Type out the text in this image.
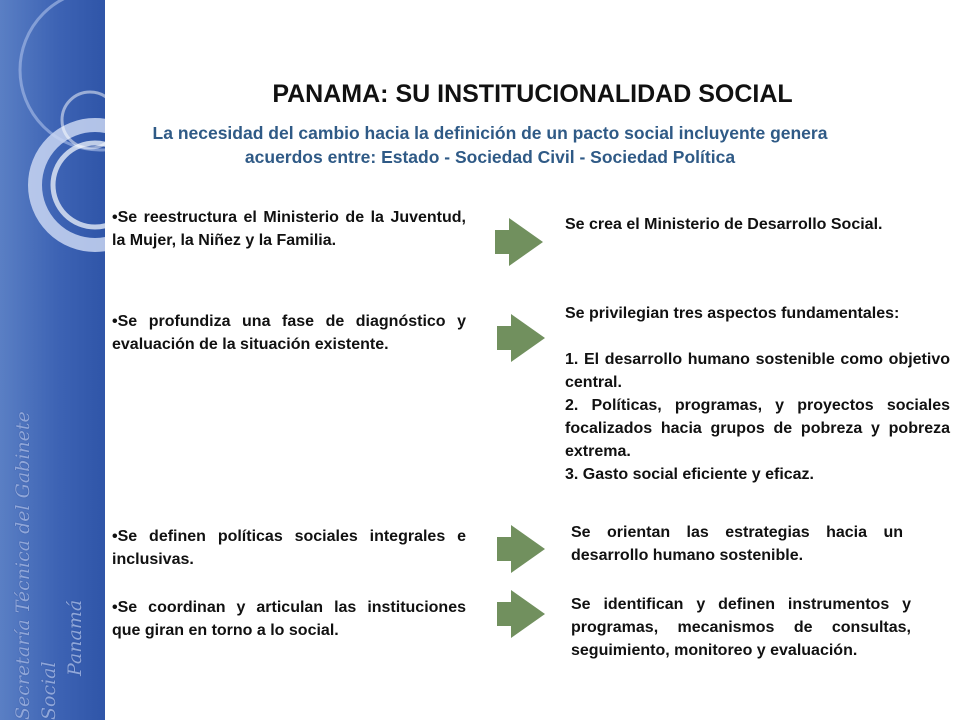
Secretaría Técnica del Gabinete Social
Panamá
PANAMA: SU INSTITUCIONALIDAD SOCIAL

La necesidad del cambio hacia la definición de un pacto social incluyente genera acuerdos entre: Estado - Sociedad Civil - Sociedad Política

•Se reestructura el Ministerio de la Juventud, la Mujer, la Niñez y la Familia.

Se crea el Ministerio de Desarrollo Social.

•Se profundiza una fase de diagnóstico y evaluación de la situación existente.

Se privilegian tres aspectos fundamentales:

1. El desarrollo humano sostenible como objetivo central.

2. Políticas, programas, y proyectos sociales focalizados hacia grupos de pobreza y pobreza extrema.

3. Gasto social eficiente y eficaz.

•Se definen políticas sociales integrales e inclusivas.

Se orientan las estrategias hacia un desarrollo humano sostenible.

•Se coordinan y articulan las instituciones que giran en torno a lo social.

Se identifican y definen instrumentos y programas, mecanismos de consultas, seguimiento, monitoreo y evaluación.
